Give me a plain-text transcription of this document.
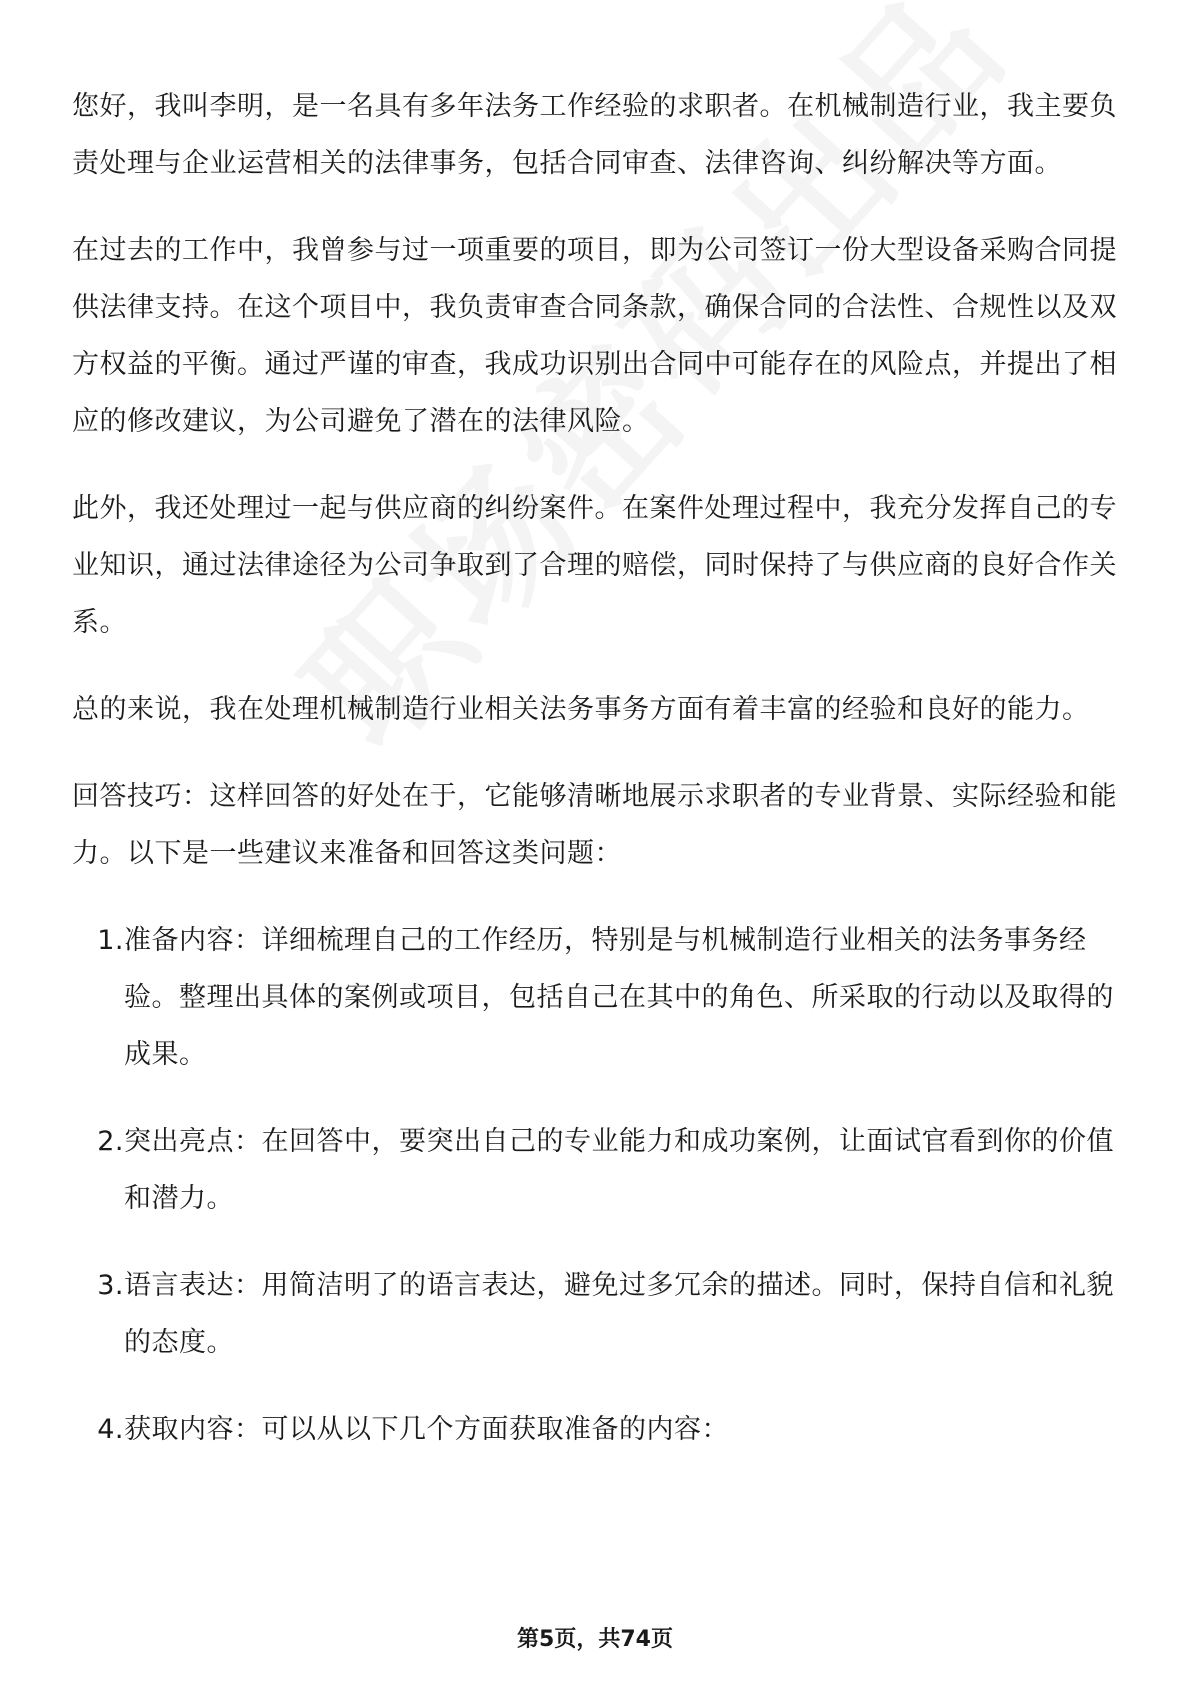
您好，我叫李明，是一名具有多年法务工作经验的求职者。在机械制造行业，我主要负责处理与企业运营相关的法律事务，包括合同审查、法律咨询、纠纷解决等方面。

在过去的工作中，我曾参与过一项重要的项目，即为公司签订一份大型设备采购合同提供法律支持。在这个项目中，我负责审查合同条款，确保合同的合法性、合规性以及双方权益的平衡。通过严谨的审查，我成功识别出合同中可能存在的风险点，并提出了相应的修改建议，为公司避免了潜在的法律风险。

此外，我还处理过一起与供应商的纠纷案件。在案件处理过程中，我充分发挥自己的专业知识，通过法律途径为公司争取到了合理的赔偿，同时保持了与供应商的良好合作关系。

总的来说，我在处理机械制造行业相关法务事务方面有着丰富的经验和良好的能力。

回答技巧：这样回答的好处在于，它能够清晰地展示求职者的专业背景、实际经验和能力。以下是一些建议来准备和回答这类问题：

1. 准备内容：详细梳理自己的工作经历，特别是与机械制造行业相关的法务事务经验。整理出具体的案例或项目，包括自己在其中的角色、所采取的行动以及取得的成果。
2. 突出亮点：在回答中，要突出自己的专业能力和成功案例，让面试官看到你的价值和潜力。
3. 语言表达：用简洁明了的语言表达，避免过多冗余的描述。同时，保持自信和礼貌的态度。
4. 获取内容：可以从以下几个方面获取准备的内容：
第5页，共74页
